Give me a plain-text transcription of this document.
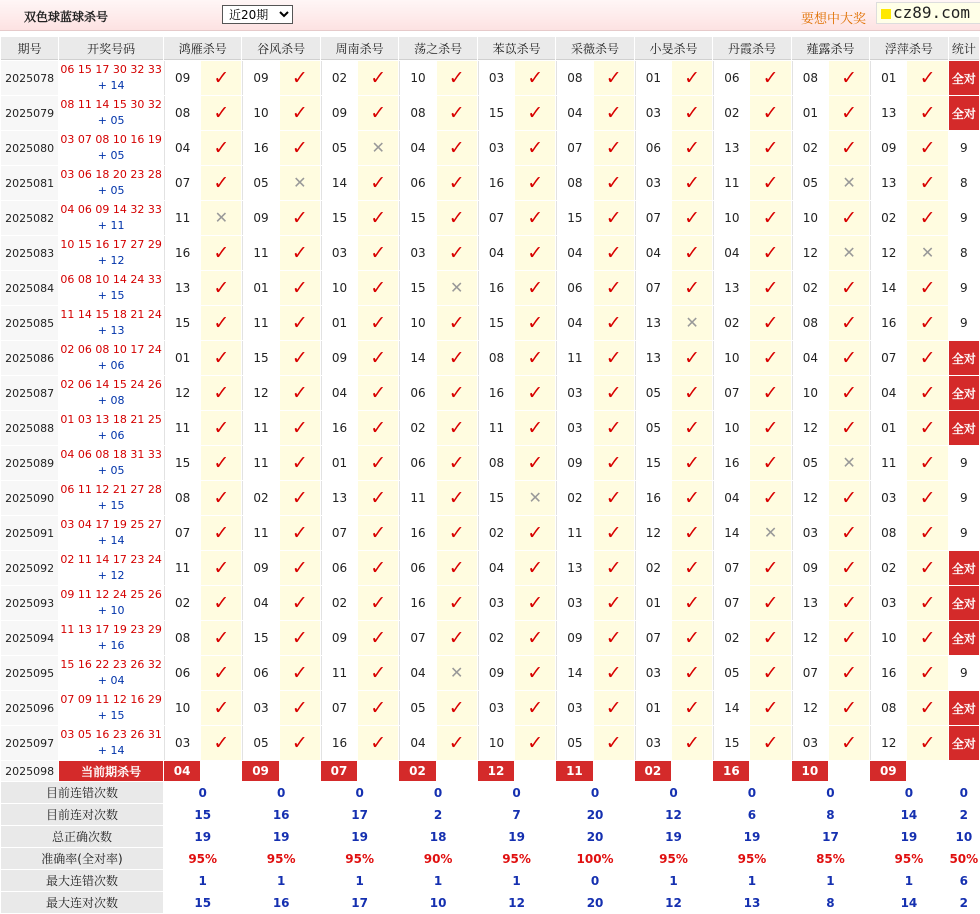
双色球蓝球杀号
近20期	要想中大奖	cz89.com
期号	开奖号码	鸿雁杀号		谷风杀号		周南杀号		荡之杀号		苯苡杀号		采薇杀号		小旻杀号		丹霞杀号		薤露杀号		浮萍杀号		统计
2025078	06 15 17 30 32 33
+ 14	09	✓	09	✓	02	✓	10	✓	03	✓	08	✓	01	✓	06	✓	08	✓	01	✓	全对
2025079	08 11 14 15 30 32
+ 05	08	✓	10	✓	09	✓	08	✓	15	✓	04	✓	03	✓	02	✓	01	✓	13	✓	全对
2025080	03 07 08 10 16 19
+ 05	04	✓	16	✓	05	✕	04	✓	03	✓	07	✓	06	✓	13	✓	02	✓	09	✓	9
2025081	03 06 18 20 23 28
+ 05	07	✓	05	✕	14	✓	06	✓	16	✓	08	✓	03	✓	11	✓	05	✕	13	✓	8
2025082	04 06 09 14 32 33
+ 11	11	✕	09	✓	15	✓	15	✓	07	✓	15	✓	07	✓	10	✓	10	✓	02	✓	9
2025083	10 15 16 17 27 29
+ 12	16	✓	11	✓	03	✓	03	✓	04	✓	04	✓	04	✓	04	✓	12	✕	12	✕	8
2025084	06 08 10 14 24 33
+ 15	13	✓	01	✓	10	✓	15	✕	16	✓	06	✓	07	✓	13	✓	02	✓	14	✓	9
2025085	11 14 15 18 21 24
+ 13	15	✓	11	✓	01	✓	10	✓	15	✓	04	✓	13	✕	02	✓	08	✓	16	✓	9
2025086	02 06 08 10 17 24
+ 06	01	✓	15	✓	09	✓	14	✓	08	✓	11	✓	13	✓	10	✓	04	✓	07	✓	全对
2025087	02 06 14 15 24 26
+ 08	12	✓	12	✓	04	✓	06	✓	16	✓	03	✓	05	✓	07	✓	10	✓	04	✓	全对
2025088	01 03 13 18 21 25
+ 06	11	✓	11	✓	16	✓	02	✓	11	✓	03	✓	05	✓	10	✓	12	✓	01	✓	全对
2025089	04 06 08 18 31 33
+ 05	15	✓	11	✓	01	✓	06	✓	08	✓	09	✓	15	✓	16	✓	05	✕	11	✓	9
2025090	06 11 12 21 27 28
+ 15	08	✓	02	✓	13	✓	11	✓	15	✕	02	✓	16	✓	04	✓	12	✓	03	✓	9
2025091	03 04 17 19 25 27
+ 14	07	✓	11	✓	07	✓	16	✓	02	✓	11	✓	12	✓	14	✕	03	✓	08	✓	9
2025092	02 11 14 17 23 24
+ 12	11	✓	09	✓	06	✓	06	✓	04	✓	13	✓	02	✓	07	✓	09	✓	02	✓	全对
2025093	09 11 12 24 25 26
+ 10	02	✓	04	✓	02	✓	16	✓	03	✓	03	✓	01	✓	07	✓	13	✓	03	✓	全对
2025094	11 13 17 19 23 29
+ 16	08	✓	15	✓	09	✓	07	✓	02	✓	09	✓	07	✓	02	✓	12	✓	10	✓	全对
2025095	15 16 22 23 26 32
+ 04	06	✓	06	✓	11	✓	04	✕	09	✓	14	✓	03	✓	05	✓	07	✓	16	✓	9
2025096	07 09 11 12 16 29
+ 15	10	✓	03	✓	07	✓	05	✓	03	✓	03	✓	01	✓	14	✓	12	✓	08	✓	全对
2025097	03 05 16 23 26 31
+ 14	03	✓	05	✓	16	✓	04	✓	10	✓	05	✓	03	✓	15	✓	03	✓	12	✓	全对
2025098	当前期杀号	04		09		07		02		12		11		02		16		10		09		
目前连错次数		0		0		0		0		0		0		0		0		0		0		0
目前连对次数		15		16		17		2		7		20		12		6		8		14		2
总正确次数		19		19		19		18		19		20		19		19		17		19		10
准确率(全对率)		95%		95%		95%		90%		95%		100%		95%		95%		85%		95%		50%
最大连错次数		1		1		1		1		1		0		1		1		1		1		6
最大连对次数		15		16		17		10		12		20		12		13		8		14		2
